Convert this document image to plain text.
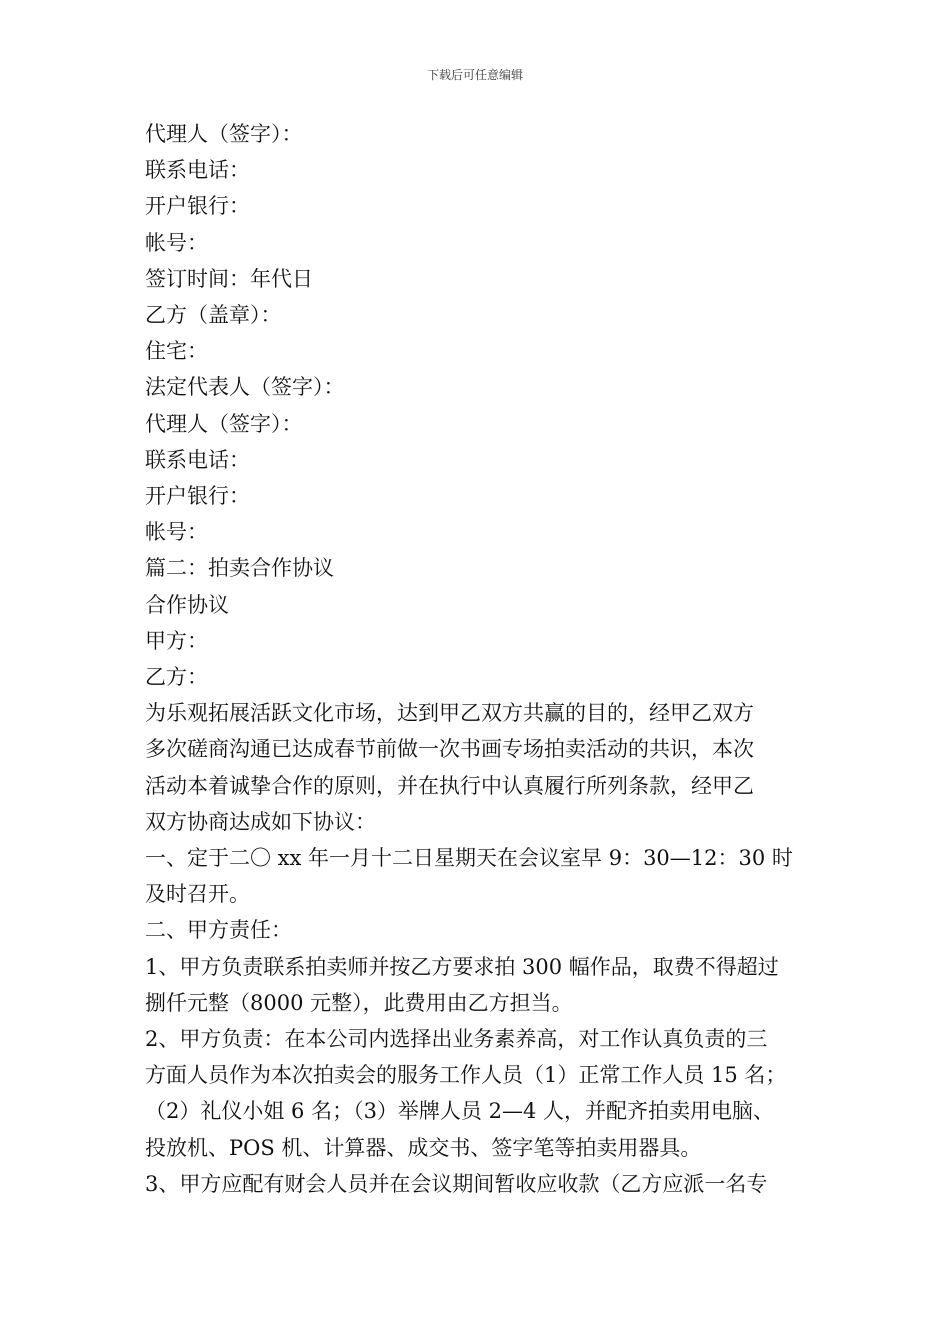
下载后可任意编辑
代理人（签字）：
联系电话：
开户银行：
帐号：
签订时间：年代日
乙方（盖章）：
住宅：
法定代表人（签字）：
代理人（签字）：
联系电话：
开户银行：
帐号：
篇二：拍卖合作协议
合作协议
甲方：
乙方：
为乐观拓展活跃文化市场，达到甲乙双方共赢的目的，经甲乙双方
多次磋商沟通已达成春节前做一次书画专场拍卖活动的共识，本次
活动本着诚挚合作的原则，并在执行中认真履行所列条款，经甲乙
双方协商达成如下协议：
一、定于二〇 xx 年一月十二日星期天在会议室早 9：30—12：30 时
及时召开。
二、甲方责任：
1、甲方负责联系拍卖师并按乙方要求拍 300 幅作品，取费不得超过
捌仟元整（8000 元整），此费用由乙方担当。
2、甲方负责：在本公司内选择出业务素养高，对工作认真负责的三
方面人员作为本次拍卖会的服务工作人员（1）正常工作人员 15 名；
（2）礼仪小姐 6 名；（3）举牌人员 2—4 人，并配齐拍卖用电脑、
投放机、POS 机、计算器、成交书、签字笔等拍卖用器具。
3、甲方应配有财会人员并在会议期间暂收应收款（乙方应派一名专
